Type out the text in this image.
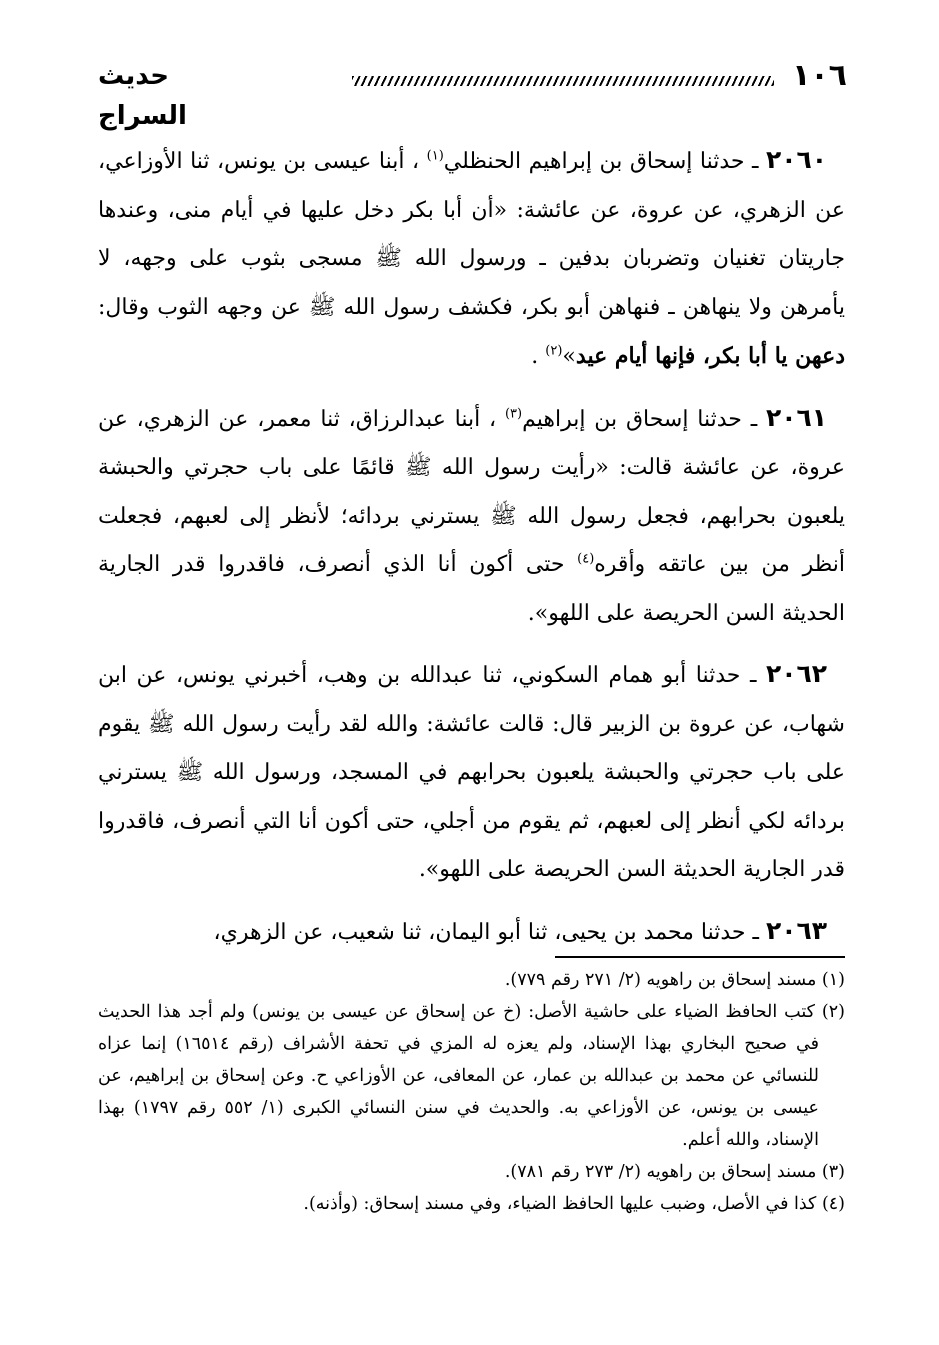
١٠٦
حديث السراج

٢٠٦٠ ـ حدثنا إسحاق بن إبراهيم الحنظلي$^{(١)}$ ، أبنا عيسى بن يونس، ثنا الأوزاعي، عن الزهري، عن عروة، عن عائشة: «أن أبا بكر دخل عليها في أيام منى، وعندها جاريتان تغنيان وتضربان بدفين ـ ورسول الله ﷺ مسجى بثوب على وجهه، لا يأمرهن ولا ينهاهن ـ فنهاهن أبو بكر، فكشف رسول الله ﷺ عن وجهه الثوب وقال: دعهن يا أبا بكر، فإنها أيام عيد»$^{(٢)}$ .

٢٠٦١ ـ حدثنا إسحاق بن إبراهيم$^{(٣)}$ ، أبنا عبدالرزاق، ثنا معمر، عن الزهري، عن عروة، عن عائشة قالت: «رأيت رسول الله ﷺ قائمًا على باب حجرتي والحبشة يلعبون بحرابهم، فجعل رسول الله ﷺ يسترني بردائه؛ لأنظر إلى لعبهم، فجعلت أنظر من بين عاتقه وأقره$^{(٤)}$ حتى أكون أنا الذي أنصرف، فاقدروا قدر الجارية الحديثة السن الحريصة على اللهو».

٢٠٦٢ ـ حدثنا أبو همام السكوني، ثنا عبدالله بن وهب، أخبرني يونس، عن ابن شهاب، عن عروة بن الزبير قال: قالت عائشة: والله لقد رأيت رسول الله ﷺ يقوم على باب حجرتي والحبشة يلعبون بحرابهم في المسجد، ورسول الله ﷺ يسترني بردائه لكي أنظر إلى لعبهم، ثم يقوم من أجلي، حتى أكون أنا التي أنصرف، فاقدروا قدر الجارية الحديثة السن الحريصة على اللهو».

٢٠٦٣ ـ حدثنا محمد بن يحيى، ثنا أبو اليمان، ثنا شعيب، عن الزهري،

(١) مسند إسحاق بن راهويه (٢/ ٢٧١ رقم ٧٧٩).

(٢) كتب الحافظ الضياء على حاشية الأصل: (خ عن إسحاق عن عيسى بن يونس) ولم أجد هذا الحديث في صحيح البخاري بهذا الإسناد، ولم يعزه له المزي في تحفة الأشراف (رقم ١٦٥١٤) إنما عزاه للنسائي عن محمد بن عبدالله بن عمار، عن المعافى، عن الأوزاعي ح. وعن إسحاق بن إبراهيم، عن عيسى بن يونس، عن الأوزاعي به. والحديث في سنن النسائي الكبرى (١/ ٥٥٢ رقم ١٧٩٧) بهذا الإسناد، والله أعلم.

(٣) مسند إسحاق بن راهويه (٢/ ٢٧٣ رقم ٧٨١).

(٤) كذا في الأصل، وضبب عليها الحافظ الضياء، وفي مسند إسحاق: (وأذنه).
